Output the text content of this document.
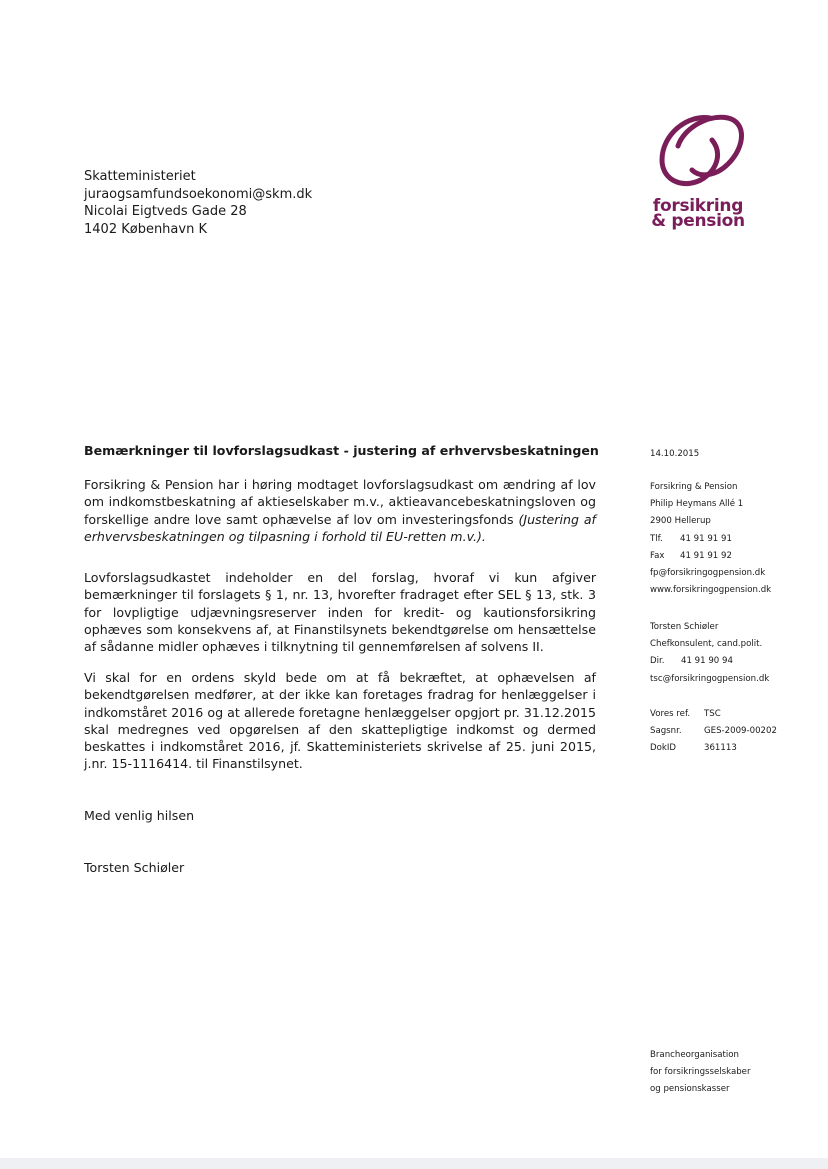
Skatteministeriet
juraogsamfundsoekonomi@skm.dk
Nicolai Eigtveds Gade 28
1402 København K
forsikring
& pension
Bemærkninger til lovforslagsudkast - justering af erhvervsbeskatningen
Forsikring & Pension har i høring modtaget lovforslagsudkast om ændring af lov om indkomstbeskatning af aktieselskaber m.v., aktieavancebeskatningsloven og forskellige andre love samt ophævelse af lov om investeringsfonds (Justering af erhvervsbeskatningen og tilpasning i forhold til EU-retten m.v.).
Lovforslagsudkastet indeholder en del forslag, hvoraf vi kun afgiver bemærkninger til forslagets § 1, nr. 13, hvorefter fradraget efter SEL § 13, stk. 3 for lovpligtige udjævningsreserver inden for kredit- og kautionsforsikring ophæves som konsekvens af, at Finanstilsynets bekendtgørelse om hensættelse af sådanne midler ophæves i tilknytning til gennemførelsen af solvens II.
Vi skal for en ordens skyld bede om at få bekræftet, at ophævelsen af bekendtgørelsen medfører, at der ikke kan foretages fradrag for henlæggelser i indkomståret 2016 og at allerede foretagne henlæggelser opgjort pr. 31.12.2015 skal medregnes ved opgørelsen af den skattepligtige indkomst og dermed beskattes i indkomståret 2016, jf. Skatteministeriets skrivelse af 25. juni 2015, j.nr. 15-1116414. til Finanstilsynet.
Med venlig hilsen
Torsten Schiøler
14.10.2015
Forsikring & Pension
Philip Heymans Allé 1
2900 Hellerup
Tlf. 41 91 91 91
Fax 41 91 91 92
fp@forsikringogpension.dk
www.forsikringogpension.dk
Torsten Schiøler
Chefkonsulent, cand.polit.
Dir. 41 91 90 94
tsc@forsikringogpension.dk
Vores ref. TSC
Sagsnr.	GES-2009-00202
DokID	361113
Brancheorganisation
for forsikringsselskaber
og pensionskasser
